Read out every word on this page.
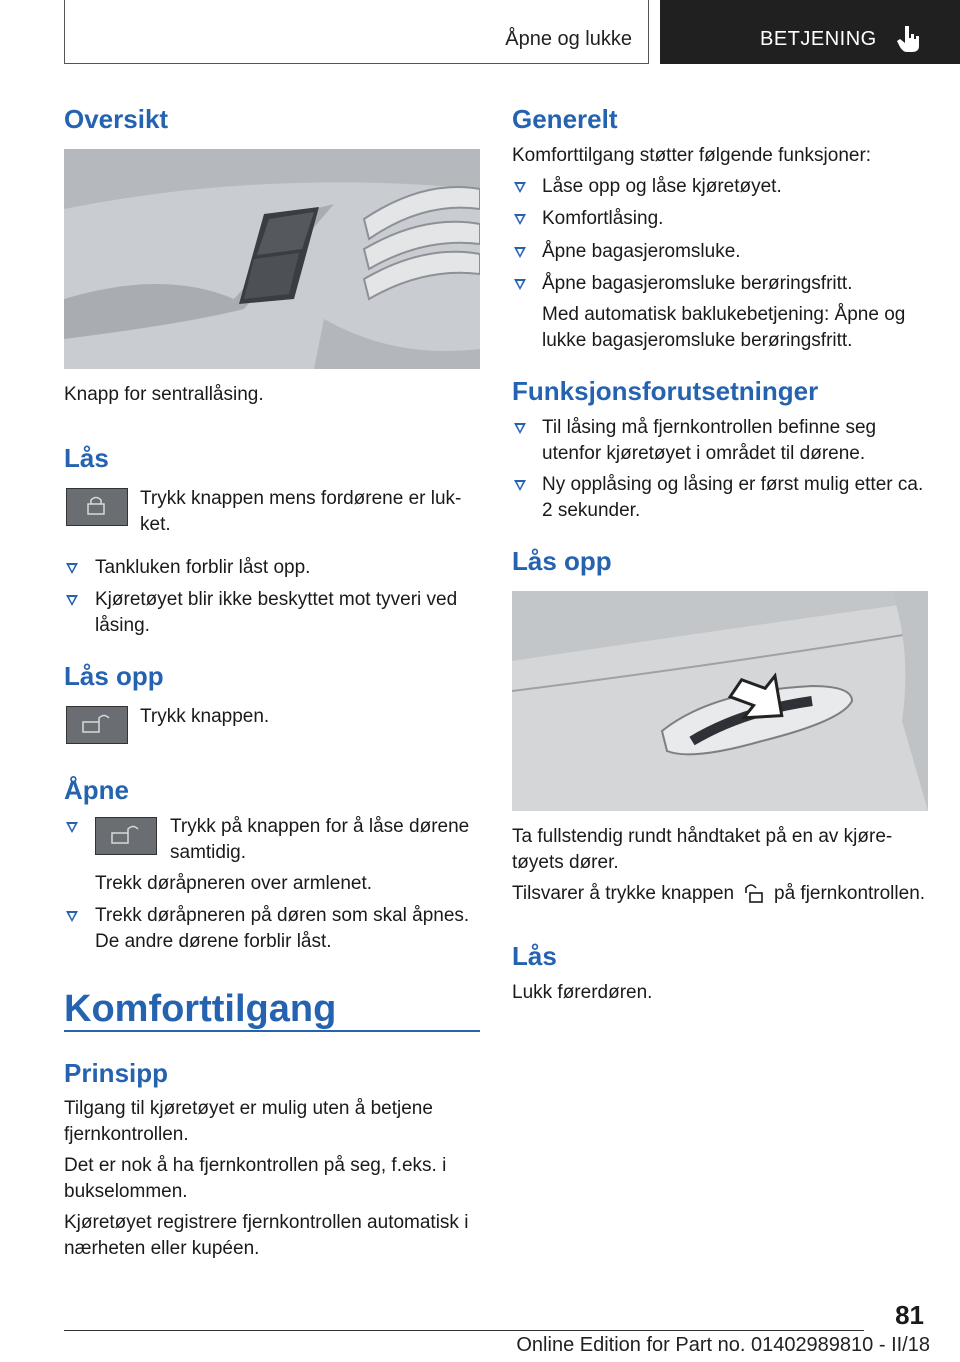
Åpne og lukke	BETJENING
Oversikt
Knapp for sentrallåsing.
Lås
Trykk knappen mens fordørene er luk-
ket.
Tankluken forblir låst opp.
Kjøretøyet blir ikke beskyttet mot tyveri ved
låsing.
Lås opp
Trykk knappen.
Åpne
Trykk på knappen for å låse dørene
samtidig.
Trekk døråpneren over armlenet.
Trekk døråpneren på døren som skal åpnes.
De andre dørene forblir låst.
Komforttilgang
Prinsipp
Tilgang til kjøretøyet er mulig uten å betjene
fjernkontrollen.
Det er nok å ha fjernkontrollen på seg, f.eks. i
bukselommen.
Kjøretøyet registrere fjernkontrollen automatisk i
nærheten eller kupéen.
Generelt
Komforttilgang støtter følgende funksjoner:
Låse opp og låse kjøretøyet.
Komfortlåsing.
Åpne bagasjeromsluke.
Åpne bagasjeromsluke berøringsfritt.
Med automatisk baklukebetjening: Åpne og
lukke bagasjeromsluke berøringsfritt.
Funksjonsforutsetninger
Til låsing må fjernkontrollen befinne seg
utenfor kjøretøyet i området til dørene.
Ny opplåsing og låsing er først mulig etter ca.
2 sekunder.
Lås opp
Ta fullstendig rundt håndtaket på en av kjøre-
tøyets dører.
Tilsvarer å trykke knappen på fjernkontrollen.
Lås
Lukk førerdøren.
81
Online Edition for Part no. 01402989810 - II/18
